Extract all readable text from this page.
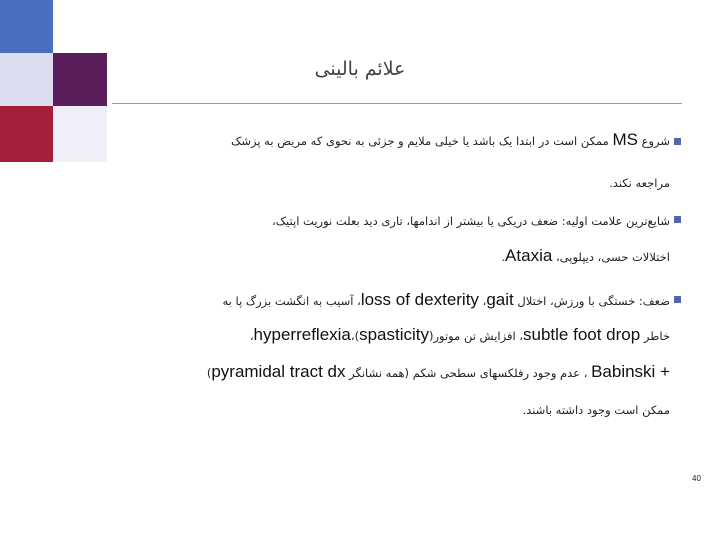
علائم بالینی
شروع MS ممکن است در ابتدا یک باشد یا خیلی ملایم و جزئی به نحوی که مریض به پزشک
مراجعه نکند.
شایع‌ترین علامت اولیه: ضعف دریکی یا بیشتر از اندامها، تاری دید بعلت نوریت اپتیک،
اختلالات حسی، دیپلوپی، Ataxia.
ضعف: خستگی با ورزش، اختلال gait، loss of dexterity، آسیب به انگشت بزرگ پا به
خاطر subtle foot drop، افزایش تن موتور(spasticity)،hyperreflexia،
Babinski + ، عدم وجود رفلکسهای سطحی شکم (همه نشانگر pyramidal tract dx)
ممکن است وجود داشته باشند.
40
